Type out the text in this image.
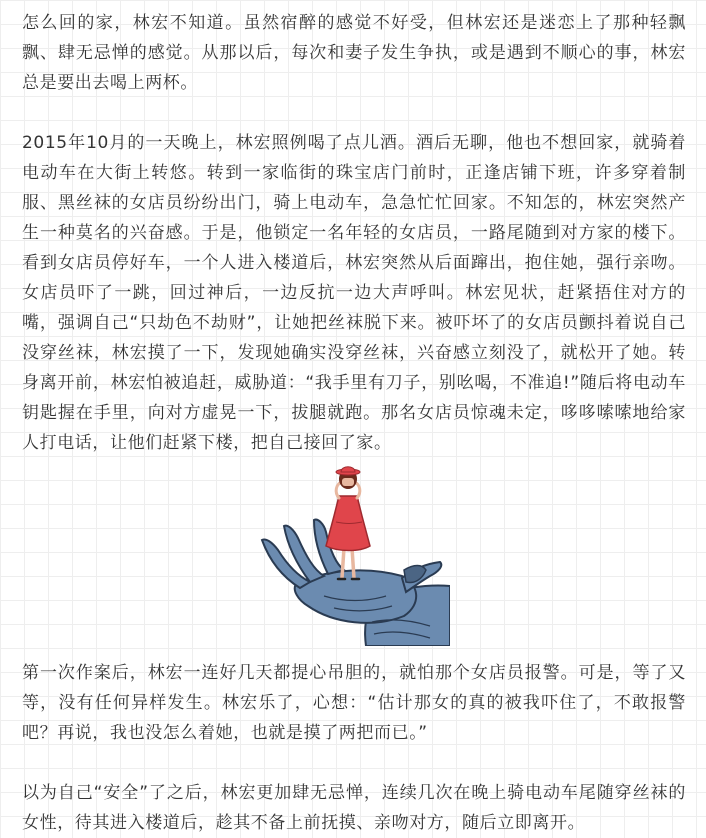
怎么回的家，林宏不知道。虽然宿醉的感觉不好受，但林宏还是迷恋上了那种轻飘飘、肆无忌惮的感觉。从那以后，每次和妻子发生争执，或是遇到不顺心的事，林宏总是要出去喝上两杯。

2015年10月的一天晚上，林宏照例喝了点儿酒。酒后无聊，他也不想回家，就骑着电动车在大街上转悠。转到一家临街的珠宝店门前时，正逢店铺下班，许多穿着制服、黑丝袜的女店员纷纷出门，骑上电动车，急急忙忙回家。不知怎的，林宏突然产生一种莫名的兴奋感。于是，他锁定一名年轻的女店员，一路尾随到对方家的楼下。看到女店员停好车，一个人进入楼道后，林宏突然从后面蹿出，抱住她，强行亲吻。女店员吓了一跳，回过神后，一边反抗一边大声呼叫。林宏见状，赶紧捂住对方的嘴，强调自己“只劫色不劫财”，让她把丝袜脱下来。被吓坏了的女店员颤抖着说自己没穿丝袜，林宏摸了一下，发现她确实没穿丝袜，兴奋感立刻没了，就松开了她。转身离开前，林宏怕被追赶，威胁道：“我手里有刀子，别吆喝，不准追!”随后将电动车钥匙握在手里，向对方虚晃一下，拔腿就跑。那名女店员惊魂未定，哆哆嗦嗦地给家人打电话，让他们赶紧下楼，把自己接回了家。

第一次作案后，林宏一连好几天都提心吊胆的，就怕那个女店员报警。可是，等了又等，没有任何异样发生。林宏乐了，心想：“估计那女的真的被我吓住了，不敢报警吧？再说，我也没怎么着她，也就是摸了两把而已。”

以为自己“安全”了之后，林宏更加肆无忌惮，连续几次在晚上骑电动车尾随穿丝袜的女性，待其进入楼道后，趁其不备上前抚摸、亲吻对方，随后立即离开。
